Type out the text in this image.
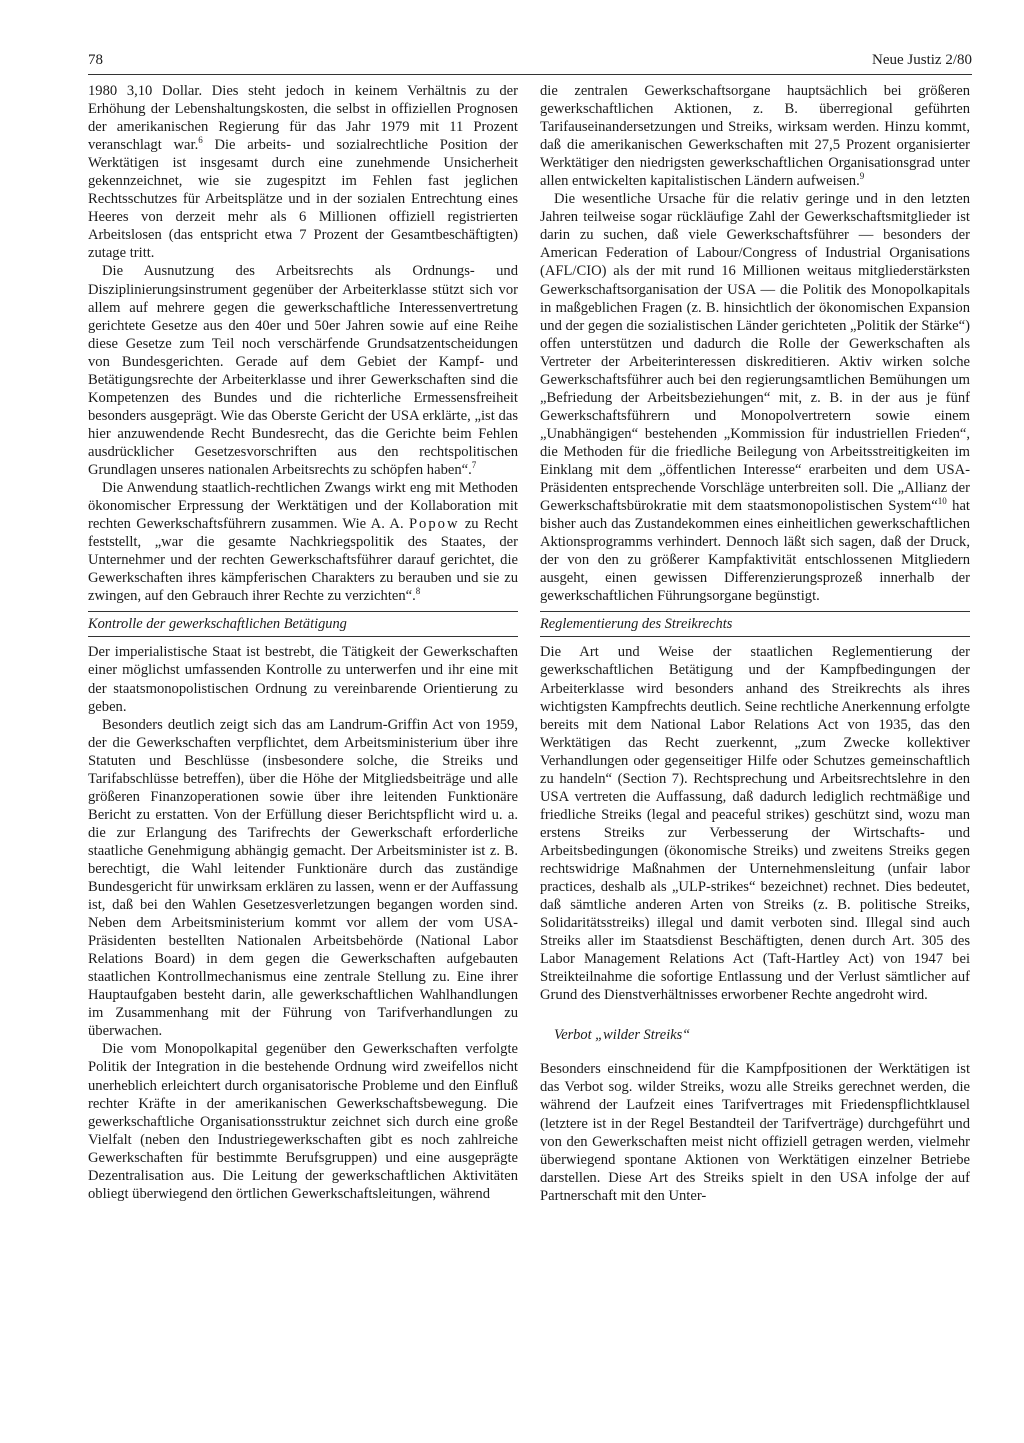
78	Neue Justiz 2/80

1980 3,10 Dollar. Dies steht jedoch in keinem Verhältnis zu der Erhöhung der Lebenshaltungskosten, die selbst in offiziellen Prognosen der amerikanischen Regierung für das Jahr 1979 mit 11 Prozent veranschlagt war.$^6$ Die arbeits- und sozialrechtliche Position der Werktätigen ist insgesamt durch eine zunehmende Unsicherheit gekennzeichnet, wie sie zugespitzt im Fehlen fast jeglichen Rechtsschutzes für Arbeitsplätze und in der sozialen Entrechtung eines Heeres von derzeit mehr als 6 Millionen offiziell registrierten Arbeitslosen (das entspricht etwa 7 Prozent der Gesamtbeschäftigten) zutage tritt.

Die Ausnutzung des Arbeitsrechts als Ordnungs- und Disziplinierungsinstrument gegenüber der Arbeiterklasse stützt sich vor allem auf mehrere gegen die gewerkschaftliche Interessenvertretung gerichtete Gesetze aus den 40er und 50er Jahren sowie auf eine Reihe diese Gesetze zum Teil noch verschärfende Grundsatzentscheidungen von Bundesgerichten. Gerade auf dem Gebiet der Kampf- und Betätigungsrechte der Arbeiterklasse und ihrer Gewerkschaften sind die Kompetenzen des Bundes und die richterliche Ermessensfreiheit besonders ausgeprägt. Wie das Oberste Gericht der USA erklärte, „ist das hier anzuwendende Recht Bundesrecht, das die Gerichte beim Fehlen ausdrücklicher Gesetzesvorschriften aus den rechtspolitischen Grundlagen unseres nationalen Arbeitsrechts zu schöpfen haben“.$^7$

Die Anwendung staatlich-rechtlichen Zwangs wirkt eng mit Methoden ökonomischer Erpressung der Werktätigen und der Kollaboration mit rechten Gewerkschaftsführern zusammen. Wie A. A. Popow zu Recht feststellt, „war die gesamte Nachkriegspolitik des Staates, der Unternehmer und der rechten Gewerkschaftsführer darauf gerichtet, die Gewerkschaften ihres kämpferischen Charakters zu berauben und sie zu zwingen, auf den Gebrauch ihrer Rechte zu verzichten“.$^8$

Kontrolle der gewerkschaftlichen Betätigung

Der imperialistische Staat ist bestrebt, die Tätigkeit der Gewerkschaften einer möglichst umfassenden Kontrolle zu unterwerfen und ihr eine mit der staatsmonopolistischen Ordnung zu vereinbarende Orientierung zu geben.

Besonders deutlich zeigt sich das am Landrum-Griffin Act von 1959, der die Gewerkschaften verpflichtet, dem Arbeitsministerium über ihre Statuten und Beschlüsse (insbesondere solche, die Streiks und Tarifabschlüsse betreffen), über die Höhe der Mitgliedsbeiträge und alle größeren Finanzoperationen sowie über ihre leitenden Funktionäre Bericht zu erstatten. Von der Erfüllung dieser Berichtspflicht wird u. a. die zur Erlangung des Tarifrechts der Gewerkschaft erforderliche staatliche Genehmigung abhängig gemacht. Der Arbeitsminister ist z. B. berechtigt, die Wahl leitender Funktionäre durch das zuständige Bundesgericht für unwirksam erklären zu lassen, wenn er der Auffassung ist, daß bei den Wahlen Gesetzesverletzungen begangen worden sind. Neben dem Arbeitsministerium kommt vor allem der vom USA-Präsidenten bestellten Nationalen Arbeitsbehörde (National Labor Relations Board) in dem gegen die Gewerkschaften aufgebauten staatlichen Kontrollmechanismus eine zentrale Stellung zu. Eine ihrer Hauptaufgaben besteht darin, alle gewerkschaftlichen Wahlhandlungen im Zusammenhang mit der Führung von Tarifverhandlungen zu überwachen.

Die vom Monopolkapital gegenüber den Gewerkschaften verfolgte Politik der Integration in die bestehende Ordnung wird zweifellos nicht unerheblich erleichtert durch organisatorische Probleme und den Einfluß rechter Kräfte in der amerikanischen Gewerkschaftsbewegung. Die gewerkschaftliche Organisationsstruktur zeichnet sich durch eine große Vielfalt (neben den Industriegewerkschaften gibt es noch zahlreiche Gewerkschaften für bestimmte Berufsgruppen) und eine ausgeprägte Dezentralisation aus. Die Leitung der gewerkschaftlichen Aktivitäten obliegt überwiegend den örtlichen Gewerkschaftsleitungen, während

die zentralen Gewerkschaftsorgane hauptsächlich bei größeren gewerkschaftlichen Aktionen, z. B. überregional geführten Tarifauseinandersetzungen und Streiks, wirksam werden. Hinzu kommt, daß die amerikanischen Gewerkschaften mit 27,5 Prozent organisierter Werktätiger den niedrigsten gewerkschaftlichen Organisationsgrad unter allen entwickelten kapitalistischen Ländern aufweisen.$^9$

Die wesentliche Ursache für die relativ geringe und in den letzten Jahren teilweise sogar rückläufige Zahl der Gewerkschaftsmitglieder ist darin zu suchen, daß viele Gewerkschaftsführer — besonders der American Federation of Labour/Congress of Industrial Organisations (AFL/CIO) als der mit rund 16 Millionen weitaus mitgliederstärksten Gewerkschaftsorganisation der USA — die Politik des Monopolkapitals in maßgeblichen Fragen (z. B. hinsichtlich der ökonomischen Expansion und der gegen die sozialistischen Länder gerichteten „Politik der Stärke“) offen unterstützen und dadurch die Rolle der Gewerkschaften als Vertreter der Arbeiterinteressen diskreditieren. Aktiv wirken solche Gewerkschaftsführer auch bei den regierungsamtlichen Bemühungen um „Befriedung der Arbeitsbeziehungen“ mit, z. B. in der aus je fünf Gewerkschaftsführern und Monopolvertretern sowie einem „Unabhängigen“ bestehenden „Kommission für industriellen Frieden“, die Methoden für die friedliche Beilegung von Arbeitsstreitigkeiten im Einklang mit dem „öffentlichen Interesse“ erarbeiten und dem USA-Präsidenten entsprechende Vorschläge unterbreiten soll. Die „Allianz der Gewerkschaftsbürokratie mit dem staatsmonopolistischen System“$^{10}$ hat bisher auch das Zustandekommen eines einheitlichen gewerkschaftlichen Aktionsprogramms verhindert. Dennoch läßt sich sagen, daß der Druck, der von den zu größerer Kampfaktivität entschlossenen Mitgliedern ausgeht, einen gewissen Differenzierungsprozeß innerhalb der gewerkschaftlichen Führungsorgane begünstigt.

Reglementierung des Streikrechts

Die Art und Weise der staatlichen Reglementierung der gewerkschaftlichen Betätigung und der Kampfbedingungen der Arbeiterklasse wird besonders anhand des Streikrechts als ihres wichtigsten Kampfrechts deutlich. Seine rechtliche Anerkennung erfolgte bereits mit dem National Labor Relations Act von 1935, das den Werktätigen das Recht zuerkennt, „zum Zwecke kollektiver Verhandlungen oder gegenseitiger Hilfe oder Schutzes gemeinschaftlich zu handeln“ (Section 7). Rechtsprechung und Arbeitsrechtslehre in den USA vertreten die Auffassung, daß dadurch lediglich rechtmäßige und friedliche Streiks (legal and peaceful strikes) geschützt sind, wozu man erstens Streiks zur Verbesserung der Wirtschafts- und Arbeitsbedingungen (ökonomische Streiks) und zweitens Streiks gegen rechtswidrige Maßnahmen der Unternehmensleitung (unfair labor practices, deshalb als „ULP-strikes“ bezeichnet) rechnet. Dies bedeutet, daß sämtliche anderen Arten von Streiks (z. B. politische Streiks, Solidaritätsstreiks) illegal und damit verboten sind. Illegal sind auch Streiks aller im Staatsdienst Beschäftigten, denen durch Art. 305 des Labor Management Relations Act (Taft-Hartley Act) von 1947 bei Streikteilnahme die sofortige Entlassung und der Verlust sämtlicher auf Grund des Dienstverhältnisses erworbener Rechte angedroht wird.

Verbot „wilder Streiks“

Besonders einschneidend für die Kampfpositionen der Werktätigen ist das Verbot sog. wilder Streiks, wozu alle Streiks gerechnet werden, die während der Laufzeit eines Tarifvertrages mit Friedenspflichtklausel (letztere ist in der Regel Bestandteil der Tarifverträge) durchgeführt und von den Gewerkschaften meist nicht offiziell getragen werden, vielmehr überwiegend spontane Aktionen von Werktätigen einzelner Betriebe darstellen. Diese Art des Streiks spielt in den USA infolge der auf Partnerschaft mit den Unter-
